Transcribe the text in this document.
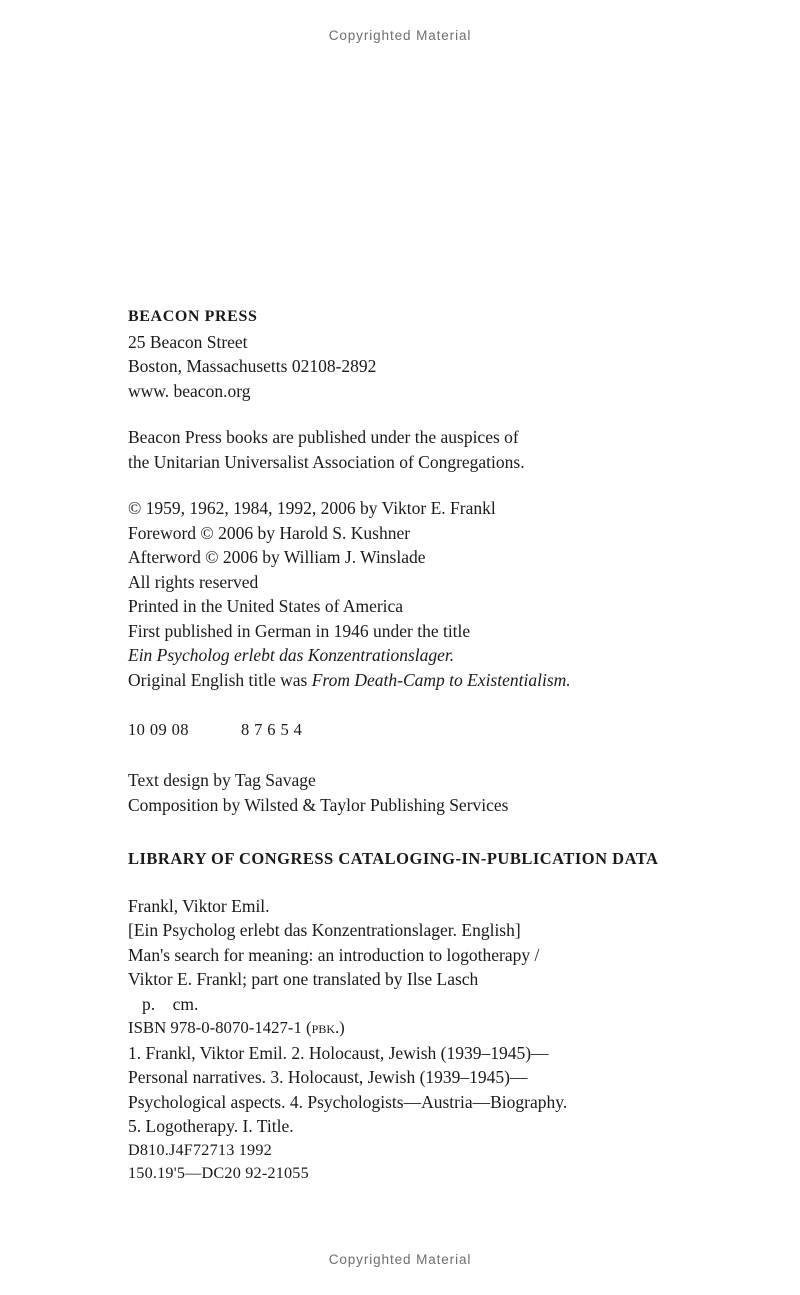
Copyrighted Material
BEACON PRESS
25 Beacon Street
Boston, Massachusetts 02108-2892
www. beacon.org
Beacon Press books are published under the auspices of
the Unitarian Universalist Association of Congregations.
© 1959, 1962, 1984, 1992, 2006 by Viktor E. Frankl
Foreword © 2006 by Harold S. Kushner
Afterword © 2006 by William J. Winslade
All rights reserved
Printed in the United States of America
First published in German in 1946 under the title
Ein Psycholog erlebt das Konzentrationslager.
Original English title was From Death-Camp to Existentialism.
10 09 08	8 7 6 5 4
Text design by Tag Savage
Composition by Wilsted & Taylor Publishing Services
LIBRARY OF CONGRESS CATALOGING-IN-PUBLICATION DATA
Frankl, Viktor Emil.
[Ein Psycholog erlebt das Konzentrationslager. English]
Man's search for meaning: an introduction to logotherapy /
Viktor E. Frankl; part one translated by Ilse Lasch
p.    cm.
ISBN 978-0-8070-1427-1 (pbk.)
1. Frankl, Viktor Emil. 2. Holocaust, Jewish (1939–1945)—
Personal narratives. 3. Holocaust, Jewish (1939–1945)—
Psychological aspects. 4. Psychologists—Austria—Biography.
5. Logotherapy. I. Title.
D810.J4F72713 1992
150.19'5—DC20 92-21055
Copyrighted Material
